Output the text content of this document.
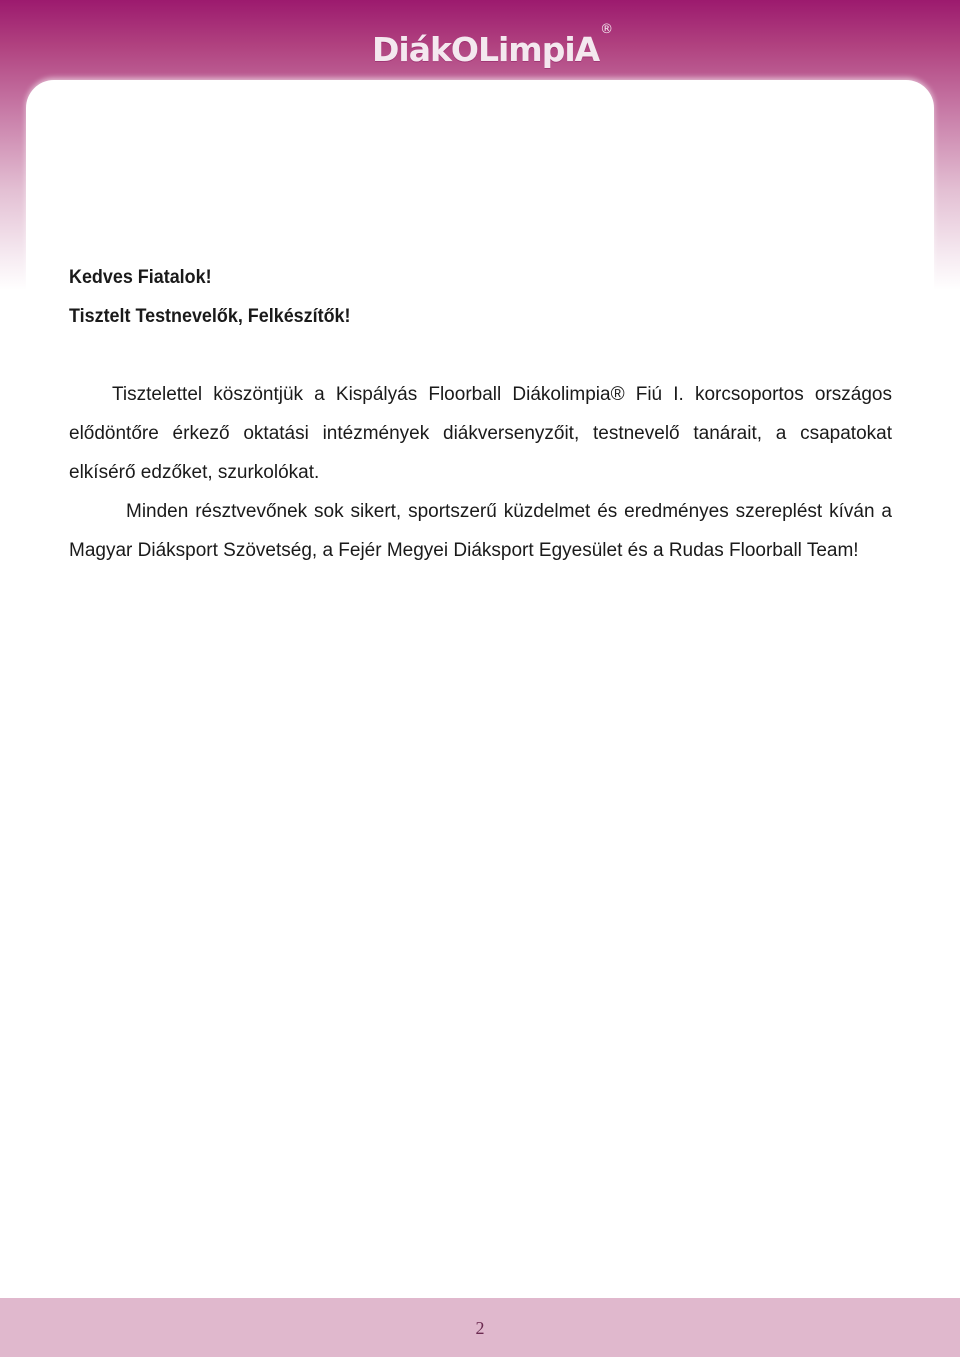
DiákOLimpiA
®

Kedves Fiatalok!

Tisztelt Testnevelők, Felkészítők!

Tisztelettel köszöntjük a Kispályás Floorball Diákolimpia® Fiú I. korcsoportos országos elődöntőre érkező oktatási intézmények diákversenyzőit, testnevelő tanárait, a csapatokat elkísérő edzőket, szurkolókat.

Minden résztvevőnek sok sikert, sportszerű küzdelmet és eredményes szereplést kíván a Magyar Diáksport Szövetség, a Fejér Megyei Diáksport Egyesület és a Rudas Floorball Team!

2
